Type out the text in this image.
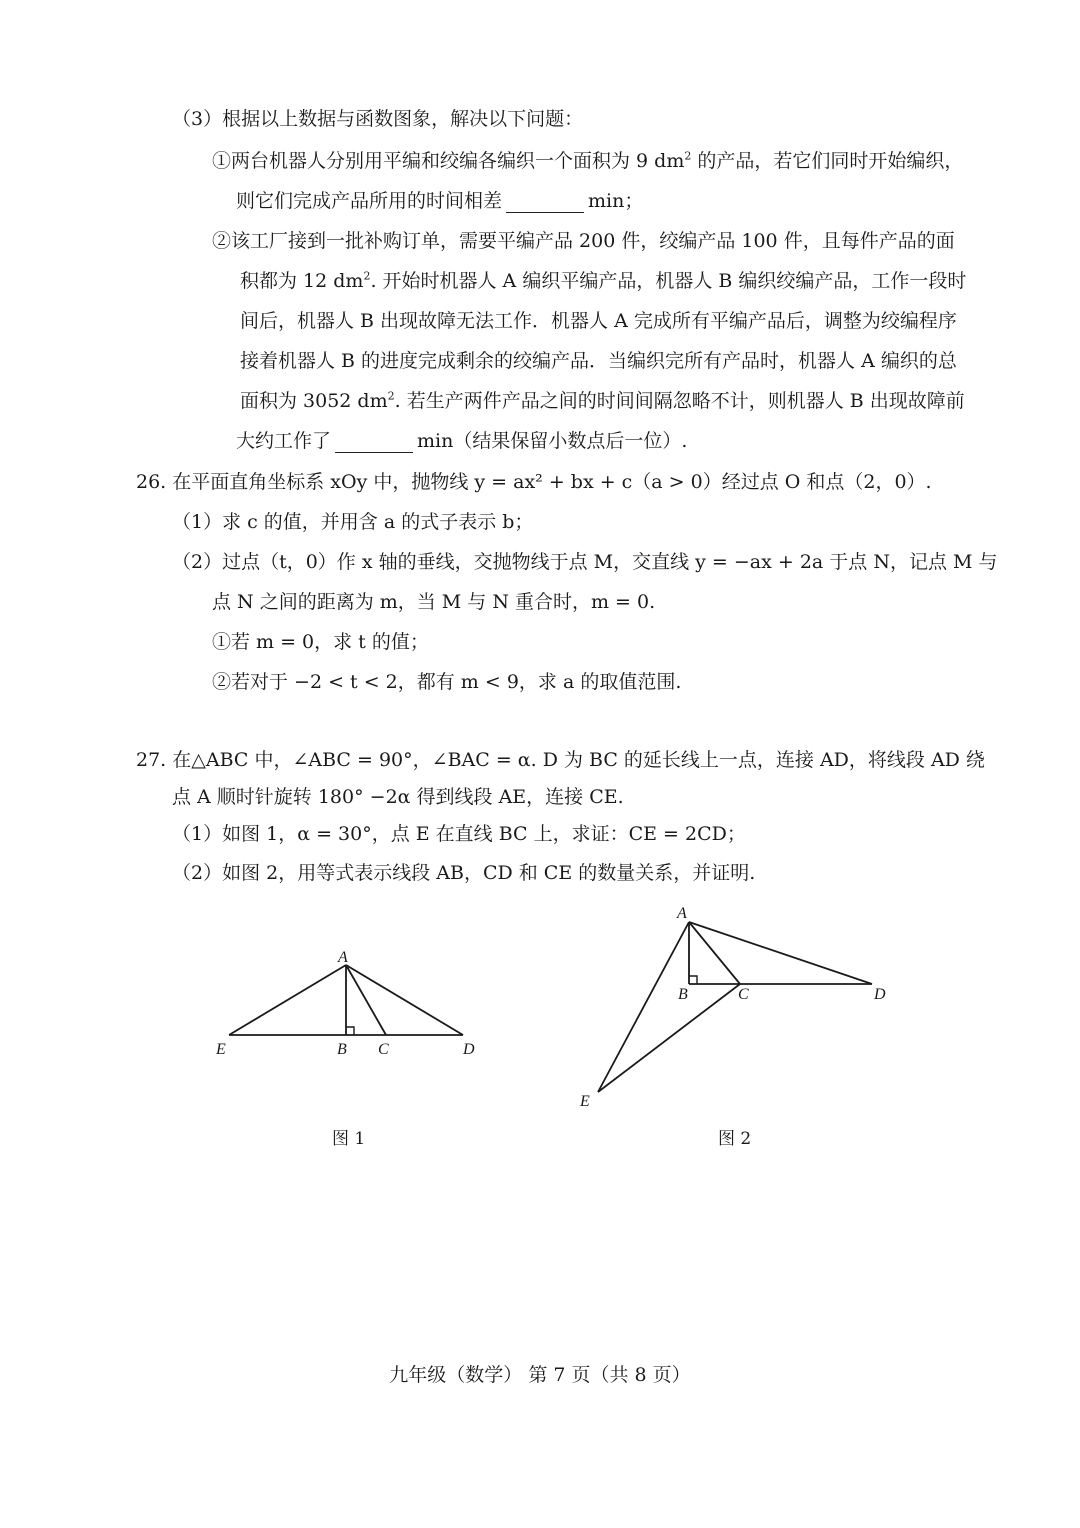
（3）根据以上数据与函数图象，解决以下问题：
①两台机器人分别用平编和绞编各编织一个面积为 9 $dm^2$ 的产品，若它们同时开始编织，
则它们完成产品所用的时间相差	min；
②该工厂接到一批补购订单，需要平编产品 200 件，绞编产品 100 件，且每件产品的面
积都为 12 $dm^2$. 开始时机器人 A 编织平编产品，机器人 B 编织绞编产品，工作一段时
间后，机器人 B 出现故障无法工作．机器人 A 完成所有平编产品后，调整为绞编程序
接着机器人 B 的进度完成剩余的绞编产品．当编织完所有产品时，机器人 A 编织的总
面积为 3052 $dm^2$. 若生产两件产品之间的时间间隔忽略不计，则机器人 B 出现故障前
大约工作了	min（结果保留小数点后一位）.
26. 在平面直角坐标系 xOy 中，抛物线 y = ax² + bx + c（a > 0）经过点 O 和点（2，0）.
（1）求 c 的值，并用含 a 的式子表示 b；
（2）过点（t，0）作 x 轴的垂线，交抛物线于点 M，交直线 y = −ax + 2a 于点 N，记点 M 与
点 N 之间的距离为 m，当 M 与 N 重合时，m = 0.
①若 m = 0，求 t 的值；
②若对于 −2 < t < 2，都有 m < 9，求 a 的取值范围.
27. 在△ABC 中，∠ABC = 90°，∠BAC = α. D 为 BC 的延长线上一点，连接 AD，将线段 AD 绕
点 A 顺时针旋转 180° −2α 得到线段 AE，连接 CE.
（1）如图 1，α = 30°，点 E 在直线 BC 上，求证：CE = 2CD；
（2）如图 2，用等式表示线段 AB，CD 和 CE 的数量关系，并证明.
A
E	B C	D
A
B	C	D
E
图 1	图 2
九年级（数学） 第 7 页（共 8 页）
